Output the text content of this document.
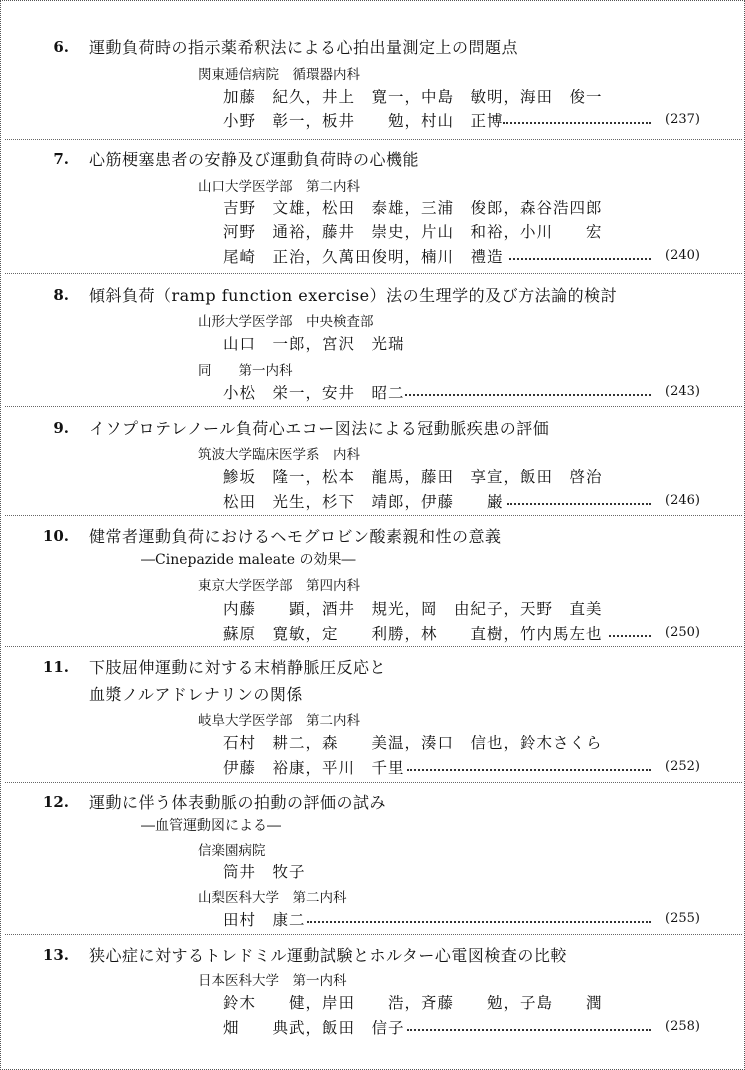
6. 運動負荷時の指示薬希釈法による心拍出量測定上の問題点
関東逓信病院　循環器内科
加藤　紀久，井上　寛一，中島　敏明，海田　俊一
小野　彰一，板井　　勉，村山　正博	(237)
7. 心筋梗塞患者の安静及び運動負荷時の心機能
山口大学医学部　第二内科
吉野　文雄，松田　泰雄，三浦　俊郎，森谷浩四郎
河野　通裕，藤井　崇史，片山　和裕，小川　　宏
尾崎　正治，久萬田俊明，楠川　禮造	(240)
8. 傾斜負荷（ramp function exercise）法の生理学的及び方法論的検討
山形大学医学部　中央検査部
山口　一郎，宮沢　光瑞
同　　第一内科
小松　栄一，安井　昭二	(243)
9. イソプロテレノール負荷心エコー図法による冠動脈疾患の評価
筑波大学臨床医学系　内科
鯵坂　隆一，松本　龍馬，藤田　享宣，飯田　啓治
松田　光生，杉下　靖郎，伊藤　　巌	(246)
10. 健常者運動負荷におけるヘモグロビン酸素親和性の意義
―Cinepazide maleate の効果―
東京大学医学部　第四内科
内藤　　顕，酒井　規光，岡　由紀子，天野　直美
蘇原　寛敏，定　　利勝，林　　直樹，竹内馬左也	(250)
11. 下肢屈伸運動に対する末梢静脈圧反応と
血漿ノルアドレナリンの関係
岐阜大学医学部　第二内科
石村　耕二，森　　美温，湊口　信也，鈴木さくら
伊藤　裕康，平川　千里	(252)
12. 運動に伴う体表動脈の拍動の評価の試み
―血管運動図による―
信楽園病院
筒井　牧子
山梨医科大学　第二内科
田村　康二	(255)
13. 狭心症に対するトレドミル運動試験とホルター心電図検査の比較
日本医科大学　第一内科
鈴木　　健，岸田　　浩，斉藤　　勉，子島　　潤
畑　　典武，飯田　信子	(258)
